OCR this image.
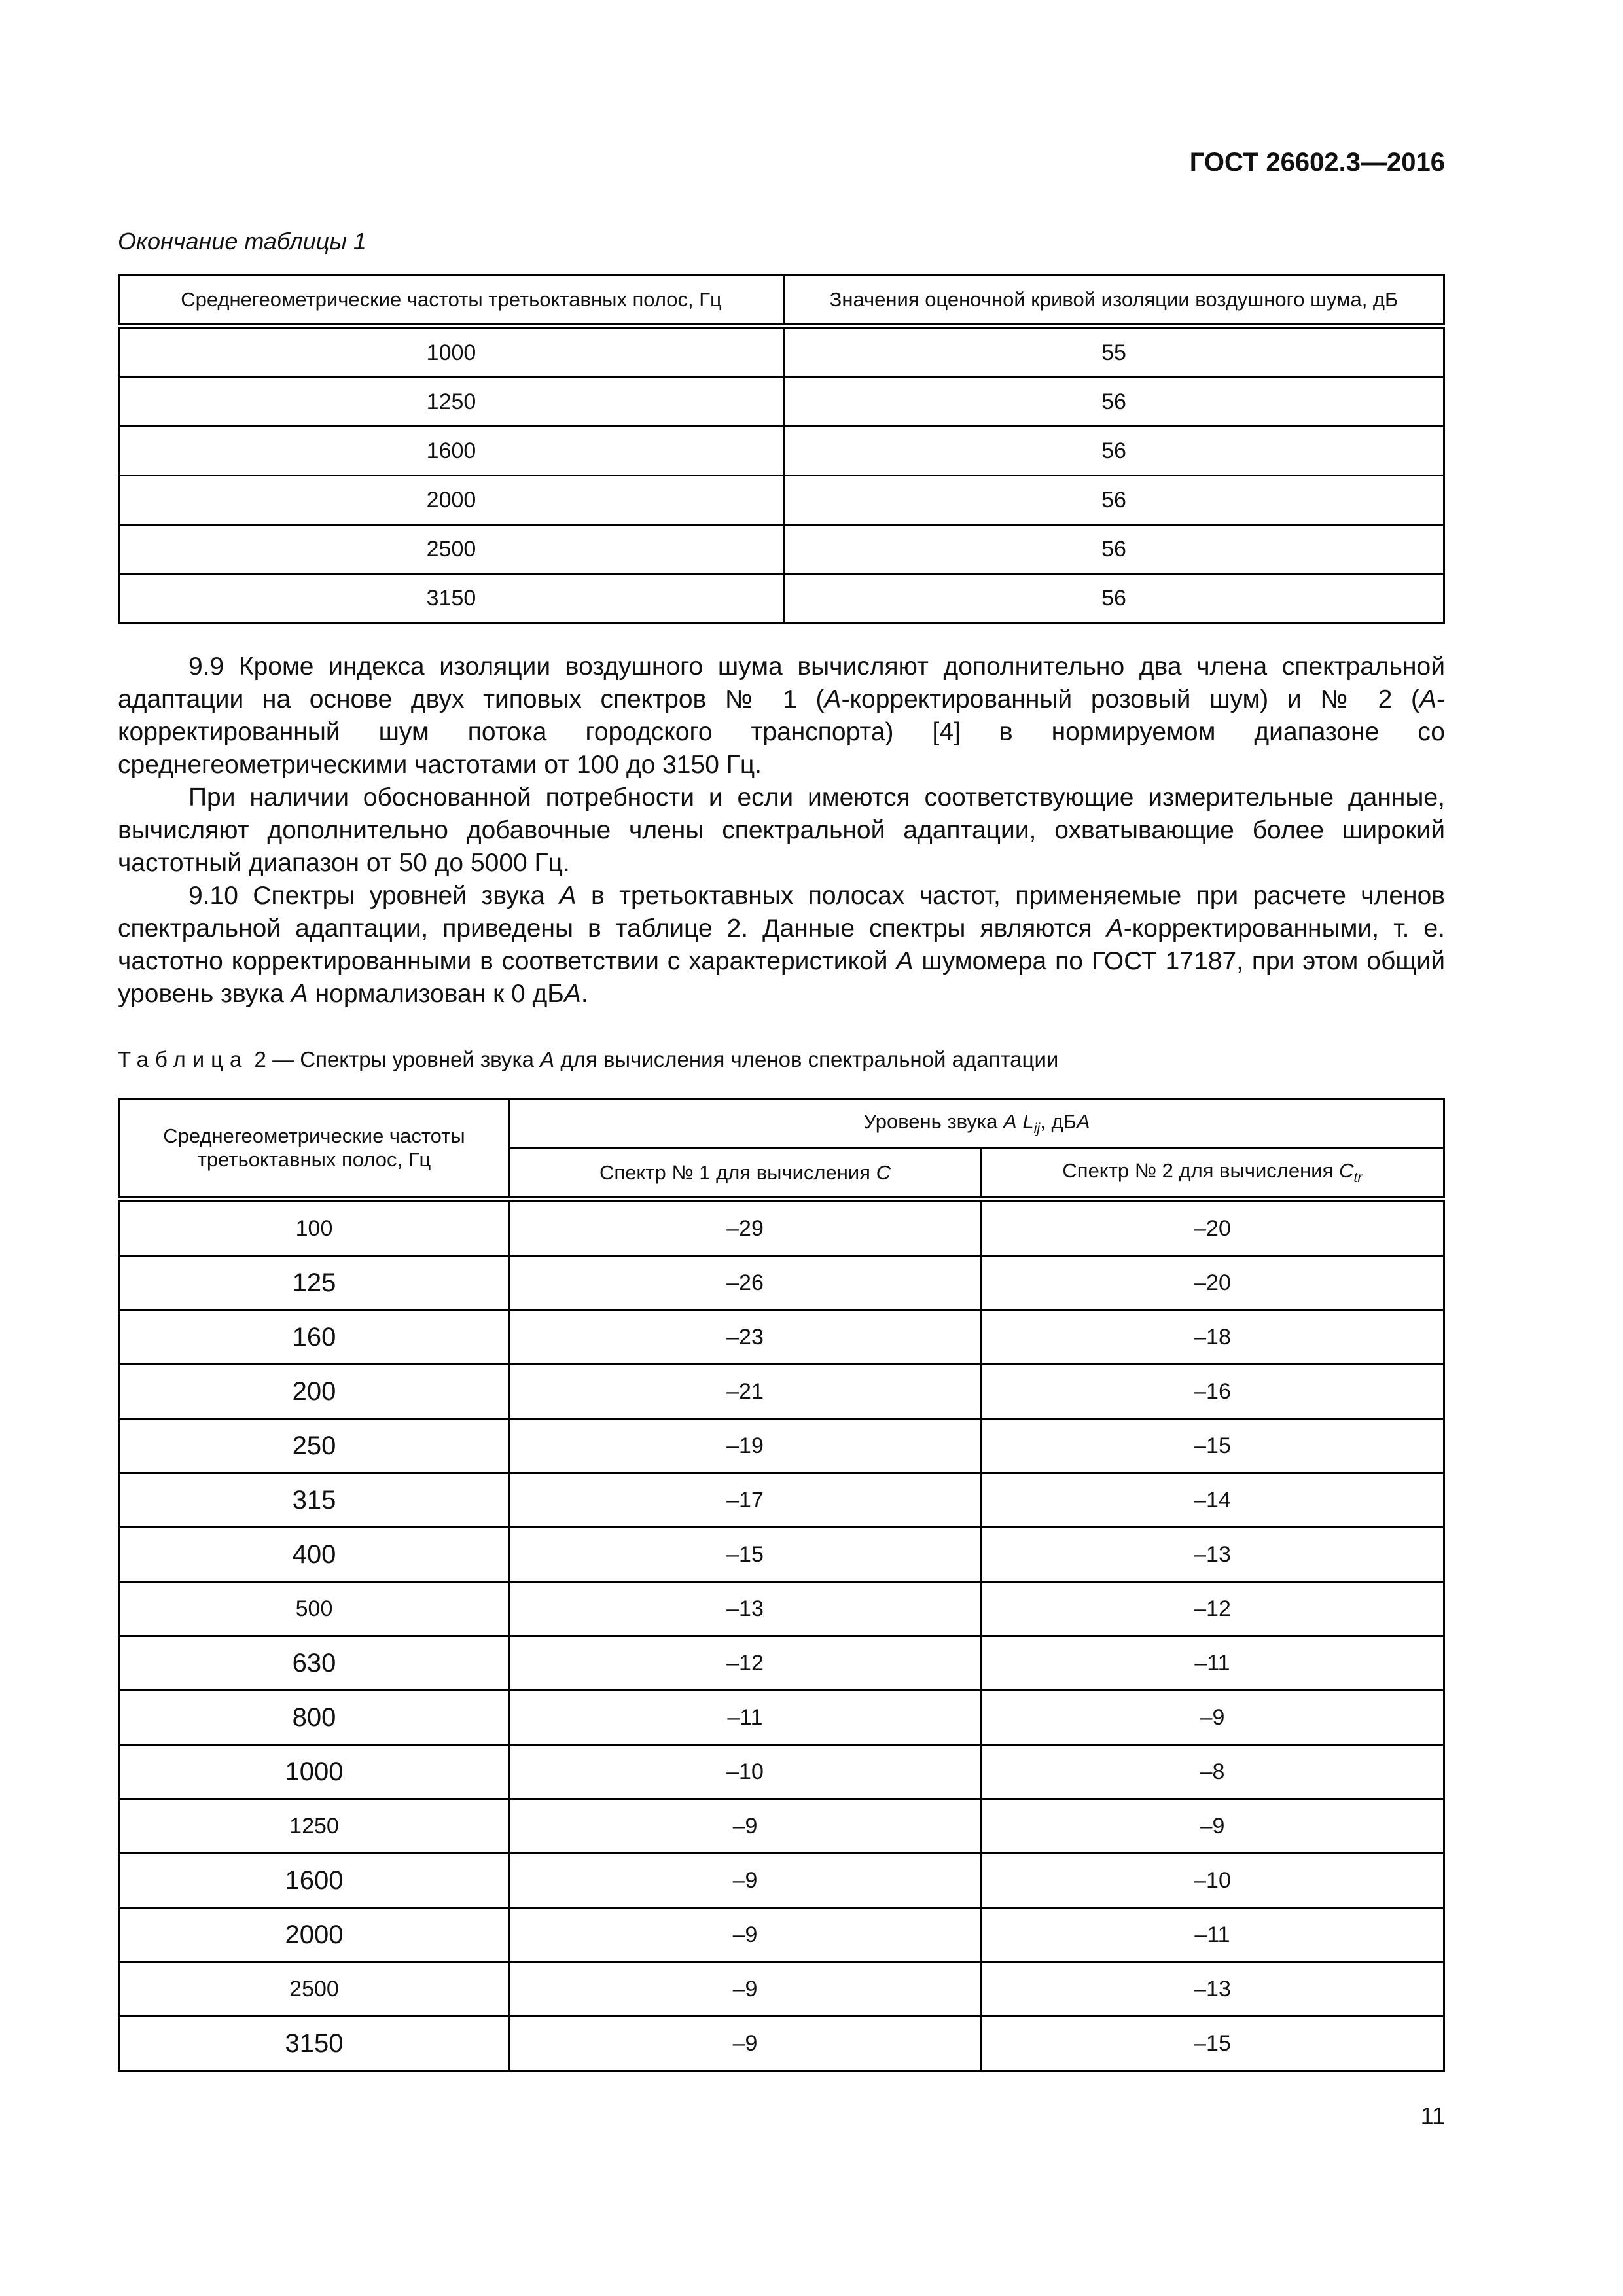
ГОСТ 26602.3—2016
Окончание таблицы 1
Среднегеометрические частоты третьоктавных полос, Гц	Значения оценочной кривой изоляции воздушного шума, дБ
1000	55
1250	56
1600	56
2000	56
2500	56
3150	56

9.9 Кроме индекса изоляции воздушного шума вычисляют дополнительно два члена спектральной адаптации на основе двух типовых спектров № 1 (А-корректированный розовый шум) и № 2 (А-корректированный шум потока городского транспорта) [4] в нормируемом диапазоне со среднегеометрическими частотами от 100 до 3150 Гц.

При наличии обоснованной потребности и если имеются соответствующие измерительные данные, вычисляют дополнительно добавочные члены спектральной адаптации, охватывающие более широкий частотный диапазон от 50 до 5000 Гц.

9.10 Спектры уровней звука А в третьоктавных полосах частот, применяемые при расчете членов спектральной адаптации, приведены в таблице 2. Данные спектры являются А-корректированными, т. е. частотно корректированными в соответствии с характеристикой А шумомера по ГОСТ 17187, при этом общий уровень звука А нормализован к 0 дБА.

Таблица 2 — Спектры уровней звука А для вычисления членов спектральной адаптации
Среднегеометрические частоты третьоктавных полос, Гц	Уровень звука А $L_{ij}$, дБА	
	Спектр № 1 для вычисления C	Спектр № 2 для вычисления $C_{tr}$
100	–29	–20
125	–26	–20
160	–23	–18
200	–21	–16
250	–19	–15
315	–17	–14
400	–15	–13
500	–13	–12
630	–12	–11
800	–11	–9
1000	–10	–8
1250	–9	–9
1600	–9	–10
2000	–9	–11
2500	–9	–13
3150	–9	–15
11
